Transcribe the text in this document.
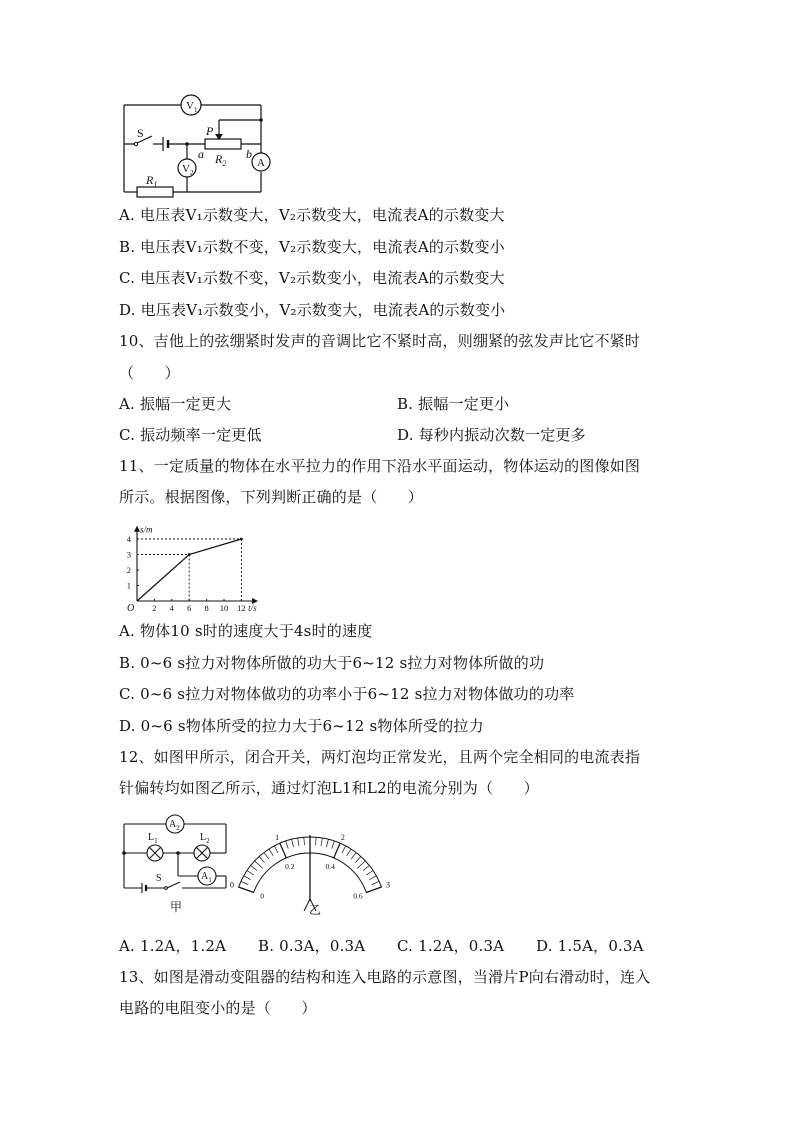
$V_1$
$V_2$
A
S	P
a	b
$R_2$
$R_1$
A. 电压表V₁示数变大，V₂示数变大，电流表A的示数变大
B. 电压表V₁示数不变，V₂示数变大，电流表A的示数变小
C. 电压表V₁示数不变，V₂示数变小，电流表A的示数变大
D. 电压表V₁示数变小，V₂示数变大，电流表A的示数变小
10、吉他上的弦绷紧时发声的音调比它不紧时高，则绷紧的弦发声比它不紧时
（　　）
A. 振幅一定更大	B. 振幅一定更小
C. 振动频率一定更低	D. 每秒内振动次数一定更多
11、一定质量的物体在水平拉力的作用下沿水平面运动，物体运动的图像如图
所示。根据图像，下列判断正确的是（　　）
2 4 6 8 10 12
1
2
3
4
O	t/s
s/m
A. 物体10 s时的速度大于4s时的速度
B. 0~6 s拉力对物体所做的功大于6~12 s拉力对物体所做的功
C. 0~6 s拉力对物体做功的功率小于6~12 s拉力对物体做功的功率
D. 0~6 s物体所受的拉力大于6~12 s物体所受的拉力
12、如图甲所示，闭合开关，两灯泡均正常发光，且两个完全相同的电流表指
针偏转均如图乙所示，通过灯泡L1和L2的电流分别为（　　）
$A_2$
$A_1$
$L_1$	$L_2$
S
甲
0
1	2
3
0
0.2	0.4
0.6
乙
A. 1.2A，1.2A B. 0.3A，0.3A C. 1.2A，0.3A D. 1.5A，0.3A
13、如图是滑动变阻器的结构和连入电路的示意图，当滑片P向右滑动时，连入
电路的电阻变小的是（　　）
